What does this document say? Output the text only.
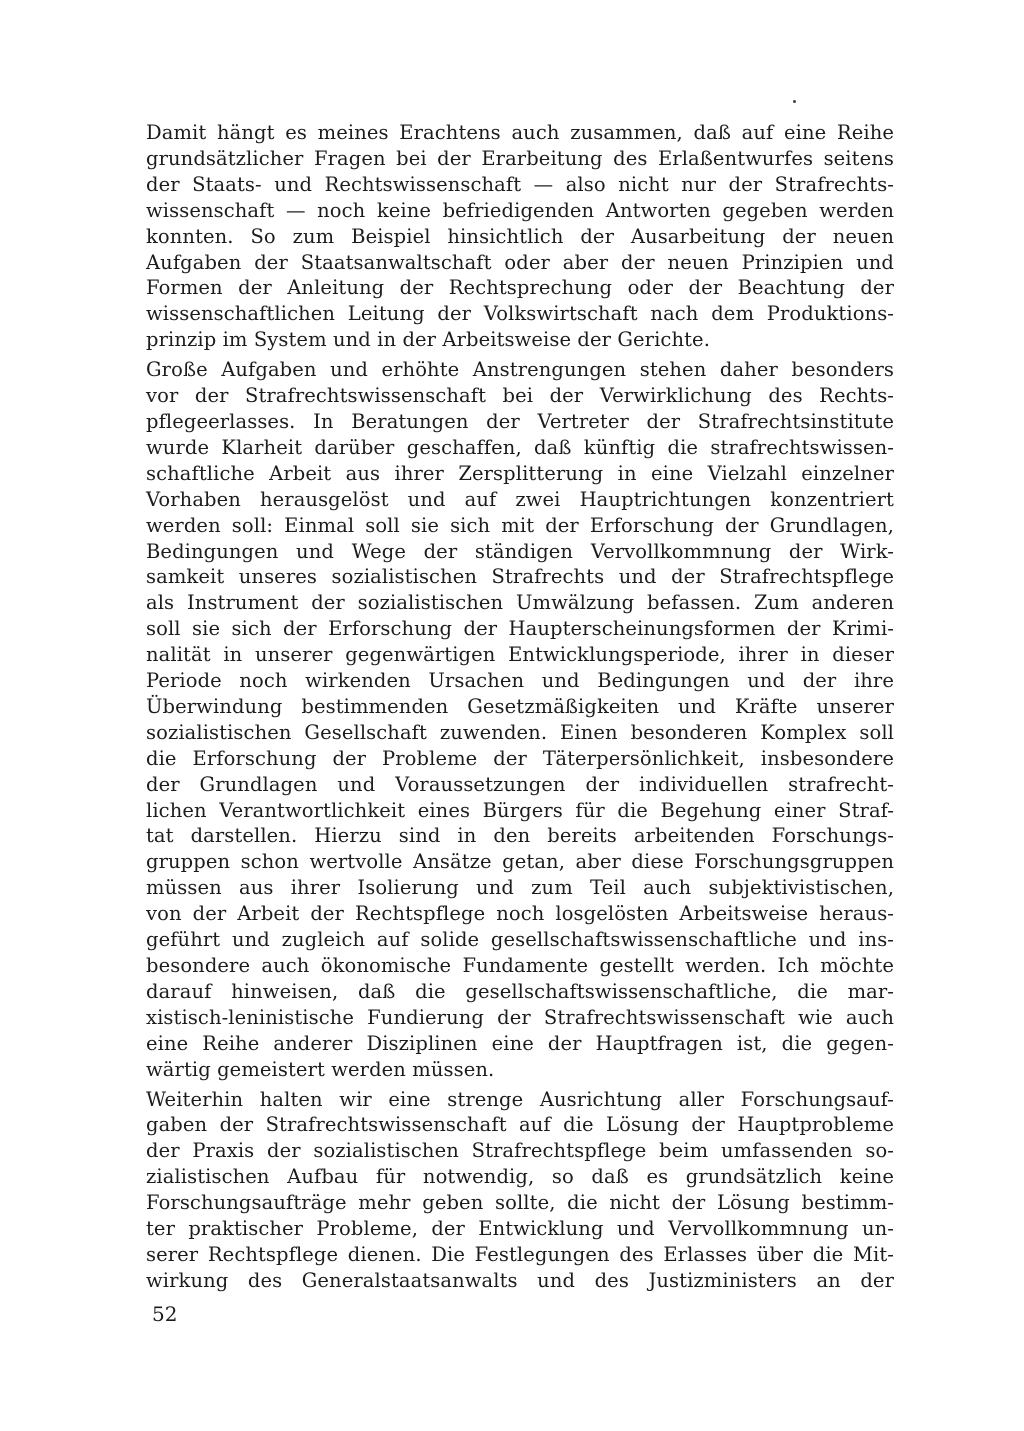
Damit hängt es meines Erachtens auch zusammen, daß auf eine Reihe
grundsätzlicher Fragen bei der Erarbeitung des Erlaßentwurfes seitens
der Staats- und Rechtswissenschaft — also nicht nur der Strafrechts-
wissenschaft — noch keine befriedigenden Antworten gegeben werden
konnten. So zum Beispiel hinsichtlich der Ausarbeitung der neuen
Aufgaben der Staatsanwaltschaft oder aber der neuen Prinzipien und
Formen der Anleitung der Rechtsprechung oder der Beachtung der
wissenschaftlichen Leitung der Volkswirtschaft nach dem Produktions-
prinzip im System und in der Arbeitsweise der Gerichte.
Große Aufgaben und erhöhte Anstrengungen stehen daher besonders
vor der Strafrechtswissenschaft bei der Verwirklichung des Rechts-
pflegeerlasses. In Beratungen der Vertreter der Strafrechtsinstitute
wurde Klarheit darüber geschaffen, daß künftig die strafrechtswissen-
schaftliche Arbeit aus ihrer Zersplitterung in eine Vielzahl einzelner
Vorhaben herausgelöst und auf zwei Hauptrichtungen konzentriert
werden soll: Einmal soll sie sich mit der Erforschung der Grundlagen,
Bedingungen und Wege der ständigen Vervollkommnung der Wirk-
samkeit unseres sozialistischen Strafrechts und der Strafrechtspflege
als Instrument der sozialistischen Umwälzung befassen. Zum anderen
soll sie sich der Erforschung der Haupterscheinungsformen der Krimi-
nalität in unserer gegenwärtigen Entwicklungsperiode, ihrer in dieser
Periode noch wirkenden Ursachen und Bedingungen und der ihre
Überwindung bestimmenden Gesetzmäßigkeiten und Kräfte unserer
sozialistischen Gesellschaft zuwenden. Einen besonderen Komplex soll
die Erforschung der Probleme der Täterpersönlichkeit, insbesondere
der Grundlagen und Voraussetzungen der individuellen strafrecht-
lichen Verantwortlichkeit eines Bürgers für die Begehung einer Straf-
tat darstellen. Hierzu sind in den bereits arbeitenden Forschungs-
gruppen schon wertvolle Ansätze getan, aber diese Forschungsgruppen
müssen aus ihrer Isolierung und zum Teil auch subjektivistischen,
von der Arbeit der Rechtspflege noch losgelösten Arbeitsweise heraus-
geführt und zugleich auf solide gesellschaftswissenschaftliche und ins-
besondere auch ökonomische Fundamente gestellt werden. Ich möchte
darauf hinweisen, daß die gesellschaftswissenschaftliche, die mar-
xistisch-leninistische Fundierung der Strafrechtswissenschaft wie auch
eine Reihe anderer Disziplinen eine der Hauptfragen ist, die gegen-
wärtig gemeistert werden müssen.
Weiterhin halten wir eine strenge Ausrichtung aller Forschungsauf-
gaben der Strafrechtswissenschaft auf die Lösung der Hauptprobleme
der Praxis der sozialistischen Strafrechtspflege beim umfassenden so-
zialistischen Aufbau für notwendig, so daß es grundsätzlich keine
Forschungsaufträge mehr geben sollte, die nicht der Lösung bestimm-
ter praktischer Probleme, der Entwicklung und Vervollkommnung un-
serer Rechtspflege dienen. Die Festlegungen des Erlasses über die Mit-
wirkung des Generalstaatsanwalts und des Justizministers an der
52
